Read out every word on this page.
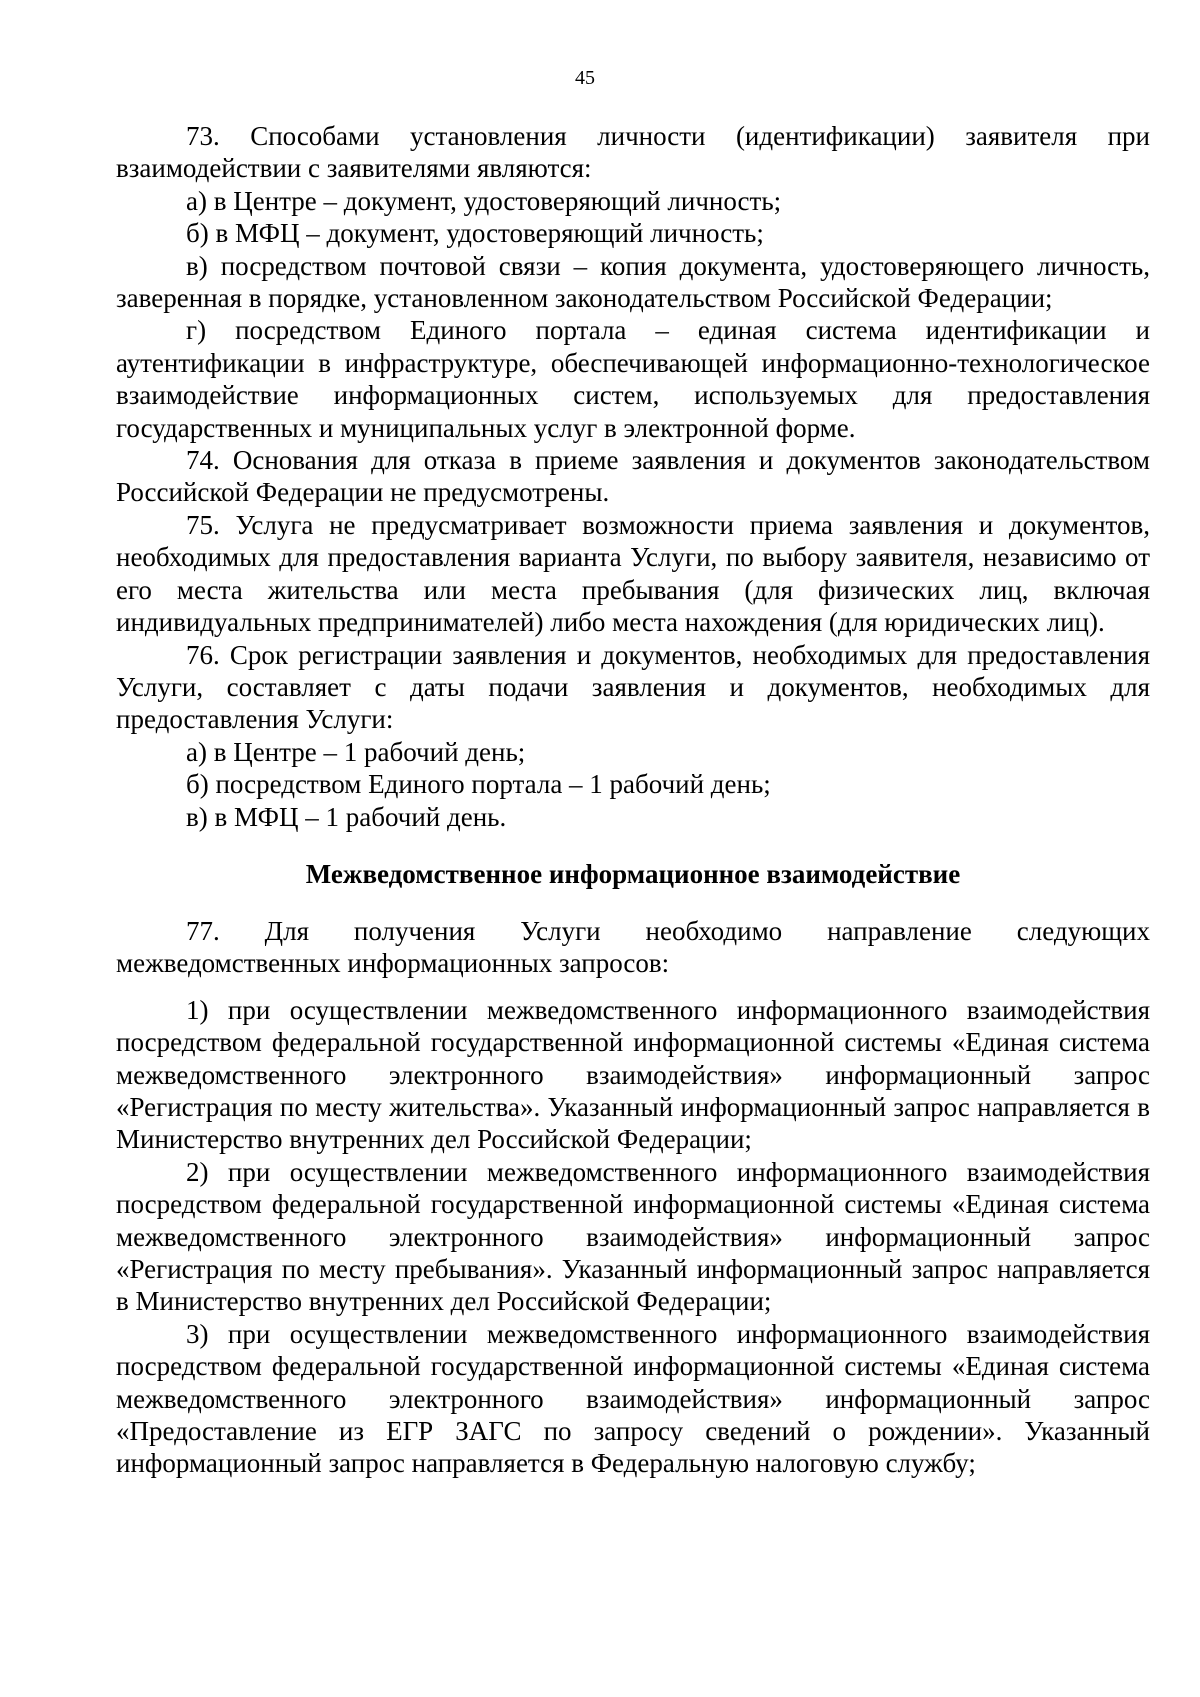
45

73. Способами установления личности (идентификации) заявителя при взаимодействии с заявителями являются:

а) в Центре – документ, удостоверяющий личность;

б) в МФЦ – документ, удостоверяющий личность;

в) посредством почтовой связи – копия документа, удостоверяющего личность, заверенная в порядке, установленном законодательством Российской Федерации;

г) посредством Единого портала – единая система идентификации и аутентификации в инфраструктуре, обеспечивающей информационно-технологическое взаимодействие информационных систем, используемых для предоставления государственных и муниципальных услуг в электронной форме.

74. Основания для отказа в приеме заявления и документов законодательством Российской Федерации не предусмотрены.

75. Услуга не предусматривает возможности приема заявления и документов, необходимых для предоставления варианта Услуги, по выбору заявителя, независимо от его места жительства или места пребывания (для физических лиц, включая индивидуальных предпринимателей) либо места нахождения (для юридических лиц).

76. Срок регистрации заявления и документов, необходимых для предоставления Услуги, составляет с даты подачи заявления и документов, необходимых для предоставления Услуги:

а) в Центре – 1 рабочий день;

б) посредством Единого портала – 1 рабочий день;

в) в МФЦ – 1 рабочий день.

Межведомственное информационное взаимодействие

77. Для получения Услуги необходимо направление следующих межведомственных информационных запросов:

1) при осуществлении межведомственного информационного взаимодействия посредством федеральной государственной информационной системы «Единая система межведомственного электронного взаимодействия» информационный запрос «Регистрация по месту жительства». Указанный информационный запрос направляется в Министерство внутренних дел Российской Федерации;

2) при осуществлении межведомственного информационного взаимодействия посредством федеральной государственной информационной системы «Единая система межведомственного электронного взаимодействия» информационный запрос «Регистрация по месту пребывания». Указанный информационный запрос направляется в Министерство внутренних дел Российской Федерации;

3) при осуществлении межведомственного информационного взаимодействия посредством федеральной государственной информационной системы «Единая система межведомственного электронного взаимодействия» информационный запрос «Предоставление из ЕГР ЗАГС по запросу сведений о рождении». Указанный информационный запрос направляется в Федеральную налоговую службу;
